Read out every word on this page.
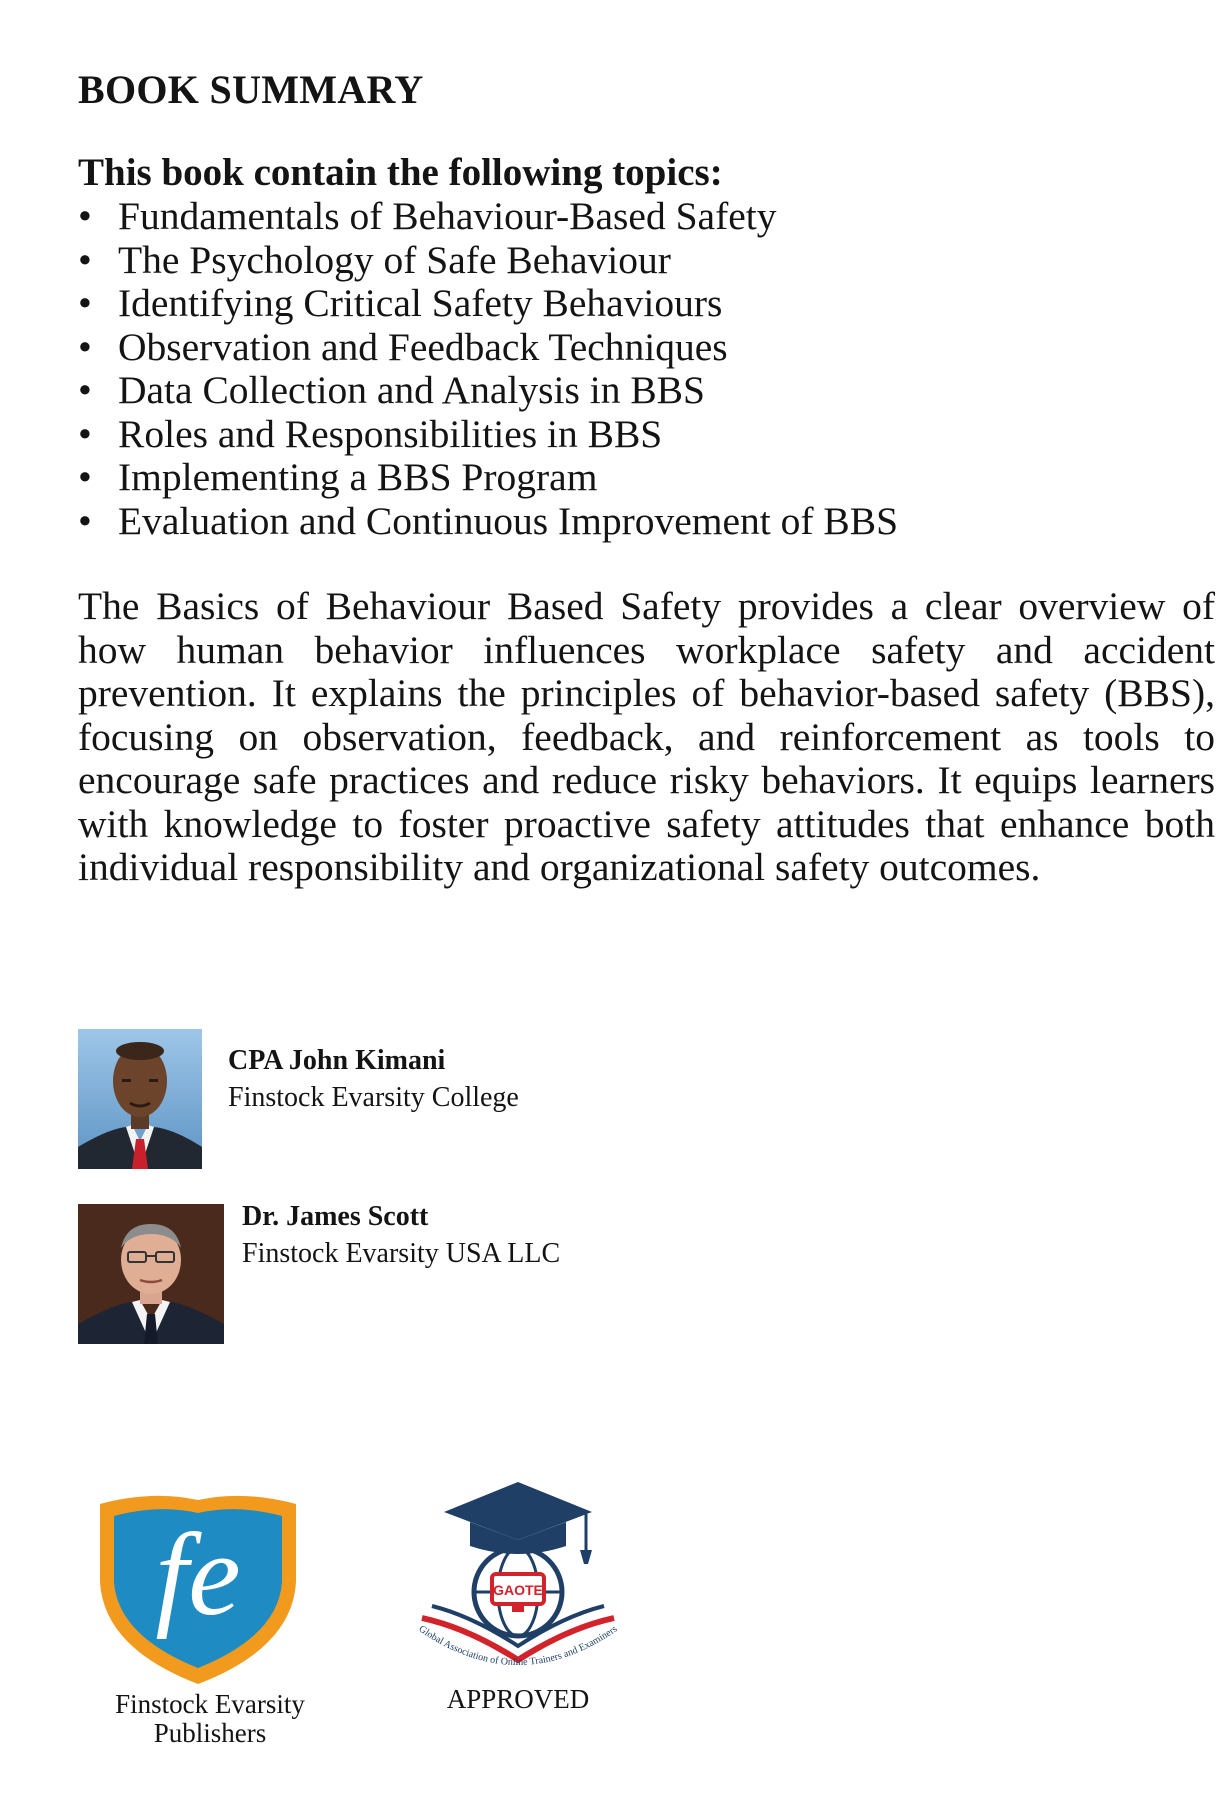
BOOK SUMMARY
This book contain the following topics:
• Fundamentals of Behaviour-Based Safety
• The Psychology of Safe Behaviour
• Identifying Critical Safety Behaviours
• Observation and Feedback Techniques
• Data Collection and Analysis in BBS
• Roles and Responsibilities in BBS
• Implementing a BBS Program
• Evaluation and Continuous Improvement of BBS

The Basics of Behaviour Based Safety provides a clear overview of how human behavior influences workplace safety and accident prevention. It explains the principles of behavior-based safety (BBS), focusing on observation, feedback, and reinforcement as tools to encourage safe practices and reduce risky behaviors. It equips learners with knowledge to foster proactive safety attitudes that enhance both individual responsibility and organizational safety outcomes.

CPA John Kimani

Finstock Evarsity College

Dr. James Scott

Finstock Evarsity USA LLC

fe

Finstock Evarsity
Publishers

GAOTE
Global Association of Online Trainers and Examiners

APPROVED
